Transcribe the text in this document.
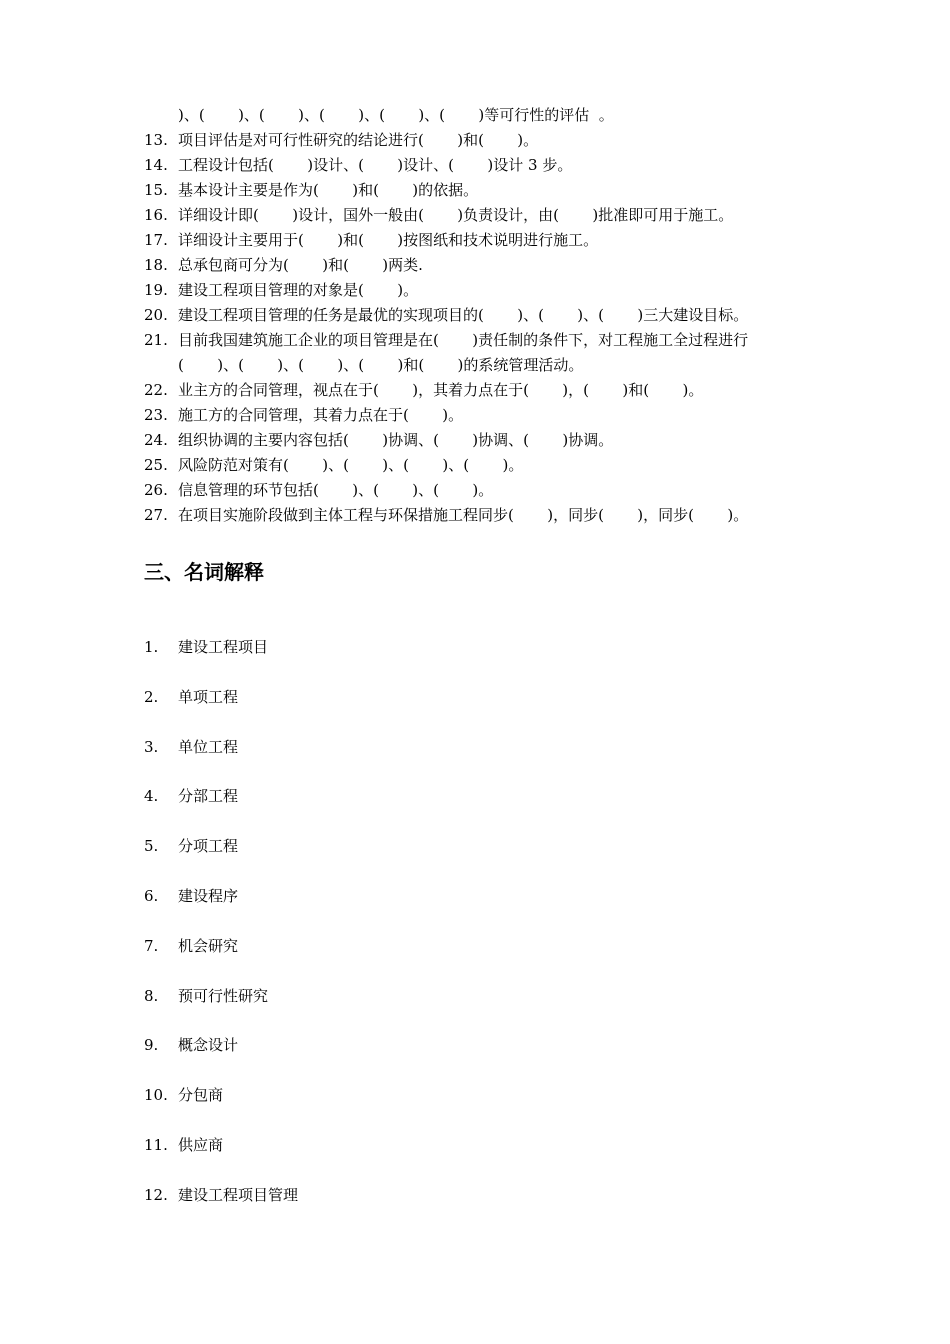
)、(       )、(       )、(       )、(       )、(       )等可行性的评估  。
13. 项目评估是对可行性研究的结论进行(       )和(       )。
14. 工程设计包括(       )设计、(       )设计、(       )设计 3 步。
15. 基本设计主要是作为(       )和(       )的依据。
16. 详细设计即(       )设计，国外一般由(       )负责设计，由(       )批准即可用于施工。
17. 详细设计主要用于(       )和(       )按图纸和技术说明进行施工。
18. 总承包商可分为(       )和(       )两类.
19. 建设工程项目管理的对象是(       )。
20. 建设工程项目管理的任务是最优的实现项目的(       )、(       )、(       )三大建设目标。
21. 目前我国建筑施工企业的项目管理是在(       )责任制的条件下，对工程施工全过程进行
(       )、(       )、(       )、(       )和(       )的系统管理活动。
22. 业主方的合同管理，视点在于(       )，其着力点在于(       )，(       )和(       )。
23. 施工方的合同管理，其着力点在于(       )。
24. 组织协调的主要内容包括(       )协调、(       )协调、(       )协调。
25. 风险防范对策有(       )、(       )、(       )、(       )。
26. 信息管理的环节包括(       )、(       )、(       )。
27. 在项目实施阶段做到主体工程与环保措施工程同步(       )，同步(       )，同步(       )。
三、名词解释
1. 建设工程项目
2. 单项工程
3. 单位工程
4. 分部工程
5. 分项工程
6. 建设程序
7. 机会研究
8. 预可行性研究
9. 概念设计
10. 分包商
11. 供应商
12. 建设工程项目管理
